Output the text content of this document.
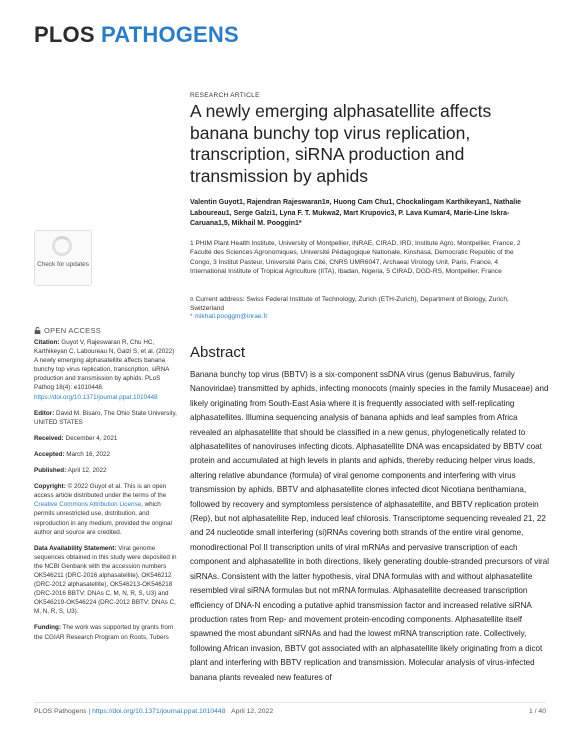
PLOS PATHOGENS
RESEARCH ARTICLE
A newly emerging alphasatellite affects banana bunchy top virus replication, transcription, siRNA production and transmission by aphids
Valentin Guyot1, Rajendran Rajeswaran1¤, Huong Cam Chu1, Chockalingam Karthikeyan1, Nathalie Laboureau1, Serge Galzi1, Lyna F. T. Mukwa2, Mart Krupovic3, P. Lava Kumar4, Marie-Line Iskra-Caruana1,5, Mikhail M. Pooggin1*
1 PHIM Plant Health Institute, University of Montpellier, INRAE, CIRAD, IRD, Institute Agro, Montpellier, France, 2 Faculté des Sciences Agronomiques, Université Pédagogique Nationale, Kinshasa, Democratic Republic of the Congo, 3 Institut Pasteur, Université Paris Cité, CNRS UMR6047, Archaeal Virology Unit, Paris, France, 4 International Institute of Tropical Agriculture (IITA), Ibadan, Nigeria, 5 CIRAD, DGD-RS, Montpellier, France
¤ Current address: Swiss Federal Institute of Technology, Zurich (ETH-Zurich), Department of Biology, Zurich, Switzerland
* mikhail.pooggin@inrae.fr
Check for updates
OPEN ACCESS

Citation: Guyot V, Rajeswaran R, Chu HC, Karthikeyan C, Laboureau N, Galzi S, et al. (2022) A newly emerging alphasatellite affects banana bunchy top virus replication, transcription, siRNA production and transmission by aphids. PLoS Pathog 18(4): e1010448. https://doi.org/10.1371/journal.ppat.1010448

Editor: David M. Bisaro, The Ohio State University, UNITED STATES

Received: December 4, 2021

Accepted: March 16, 2022

Published: April 12, 2022

Copyright: © 2022 Guyot et al. This is an open access article distributed under the terms of the Creative Commons Attribution License, which permits unrestricted use, distribution, and reproduction in any medium, provided the original author and source are credited.

Data Availability Statement: Viral genome sequences obtained in this study were deposited in the NCBI Genbank with the accession numbers OK546211 (DRC-2016 alphasatellite), OK546212 (DRC-2012 alphasatellite), OK546213-OK546218 (DRC-2016 BBTV: DNAs C, M, N, R, S, U3) and OK546219-OK546224 (DRC-2012 BBTV: DNAs C, M, N, R, S, U3).

Funding: The work was supported by grants from the CGIAR Research Program on Roots, Tubers

Abstract
Banana bunchy top virus (BBTV) is a six-component ssDNA virus (genus Babuvirus, family Nanoviridae) transmitted by aphids, infecting monocots (mainly species in the family Musaceae) and likely originating from South-East Asia where it is frequently associated with self-replicating alphasatellites. Illumina sequencing analysis of banana aphids and leaf samples from Africa revealed an alphasatellite that should be classified in a new genus, phylogenetically related to alphasatellites of nanoviruses infecting dicots. Alphasatellite DNA was encapsidated by BBTV coat protein and accumulated at high levels in plants and aphids, thereby reducing helper virus loads, altering relative abundance (formula) of viral genome components and interfering with virus transmission by aphids. BBTV and alphasatellite clones infected dicot Nicotiana benthamiana, followed by recovery and symptomless persistence of alphasatellite, and BBTV replication protein (Rep), but not alphasatellite Rep, induced leaf chlorosis. Transcriptome sequencing revealed 21, 22 and 24 nucleotide small interfering (si)RNAs covering both strands of the entire viral genome, monodirectional Pol II transcription units of viral mRNAs and pervasive transcription of each component and alphasatellite in both directions, likely generating double-stranded precursors of viral siRNAs. Consistent with the latter hypothesis, viral DNA formulas with and without alphasatellite resembled viral siRNA formulas but not mRNA formulas. Alphasatellite decreased transcription efficiency of DNA-N encoding a putative aphid transmission factor and increased relative siRNA production rates from Rep- and movement protein-encoding components. Alphasatellite itself spawned the most abundant siRNAs and had the lowest mRNA transcription rate. Collectively, following African invasion, BBTV got associated with an alphasatellite likely originating from a dicot plant and interfering with BBTV replication and transmission. Molecular analysis of virus-infected banana plants revealed new features of
PLOS Pathogens | https://doi.org/10.1371/journal.ppat.1010448 April 12, 2022	1 / 40
